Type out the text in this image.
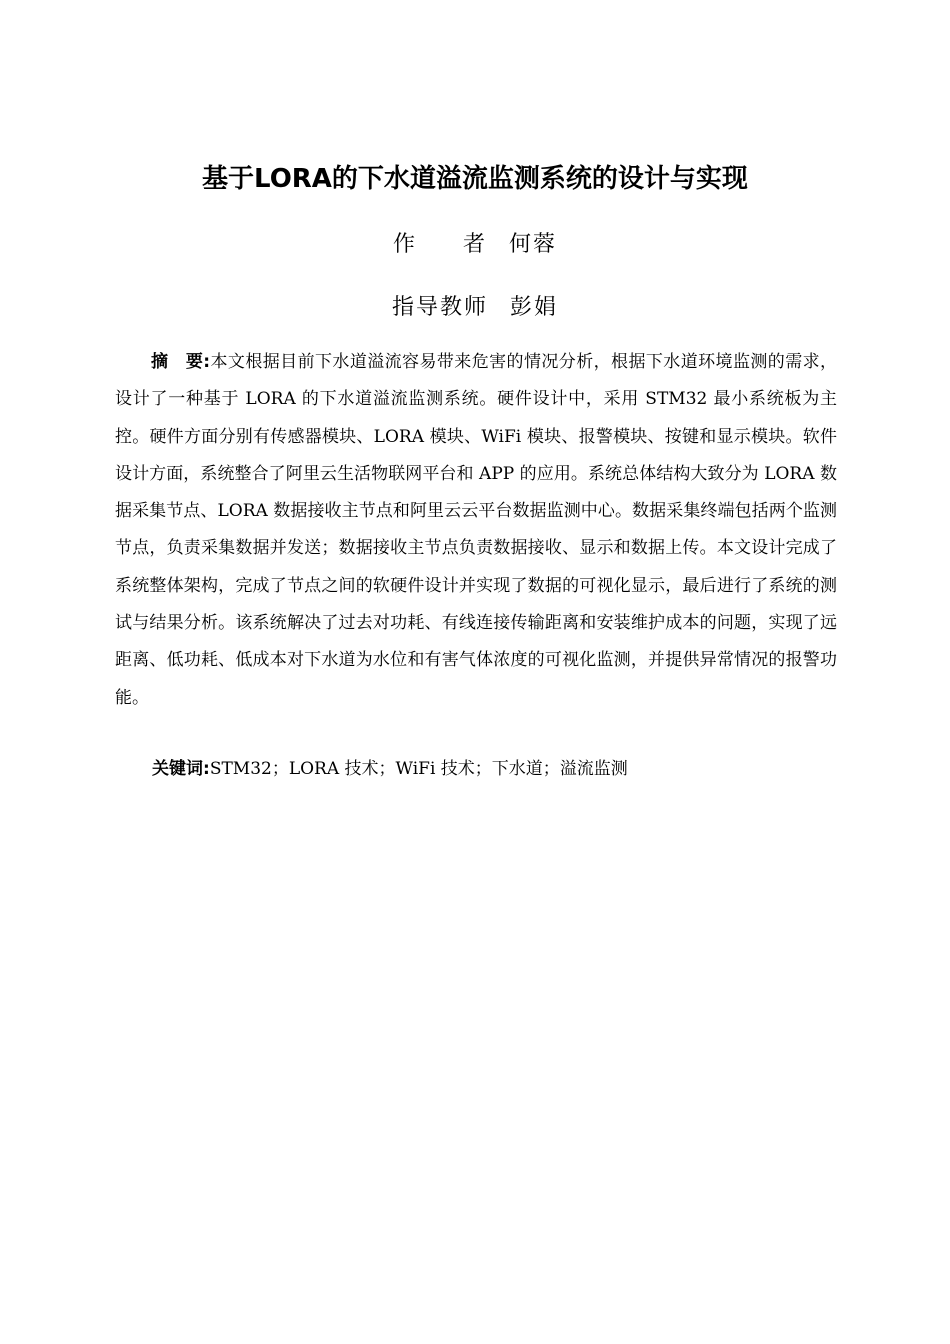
基于LORA的下水道溢流监测系统的设计与实现
作 者 何蓉
指导教师 彭娟

摘 要:本文根据目前下水道溢流容易带来危害的情况分析，根据下水道环境监测的需求，设计了一种基于 LORA 的下水道溢流监测系统。硬件设计中，采用 STM32 最小系统板为主控。硬件方面分别有传感器模块、LORA 模块、WiFi 模块、报警模块、按键和显示模块。软件设计方面，系统整合了阿里云生活物联网平台和 APP 的应用。系统总体结构大致分为 LORA 数据采集节点、LORA 数据接收主节点和阿里云云平台数据监测中心。数据采集终端包括两个监测节点，负责采集数据并发送；数据接收主节点负责数据接收、显示和数据上传。本文设计完成了系统整体架构，完成了节点之间的软硬件设计并实现了数据的可视化显示，最后进行了系统的测试与结果分析。该系统解决了过去对功耗、有线连接传输距离和安装维护成本的问题，实现了远距离、低功耗、低成本对下水道为水位和有害气体浓度的可视化监测，并提供异常情况的报警功能。

关键词:STM32；LORA 技术；WiFi 技术；下水道；溢流监测
